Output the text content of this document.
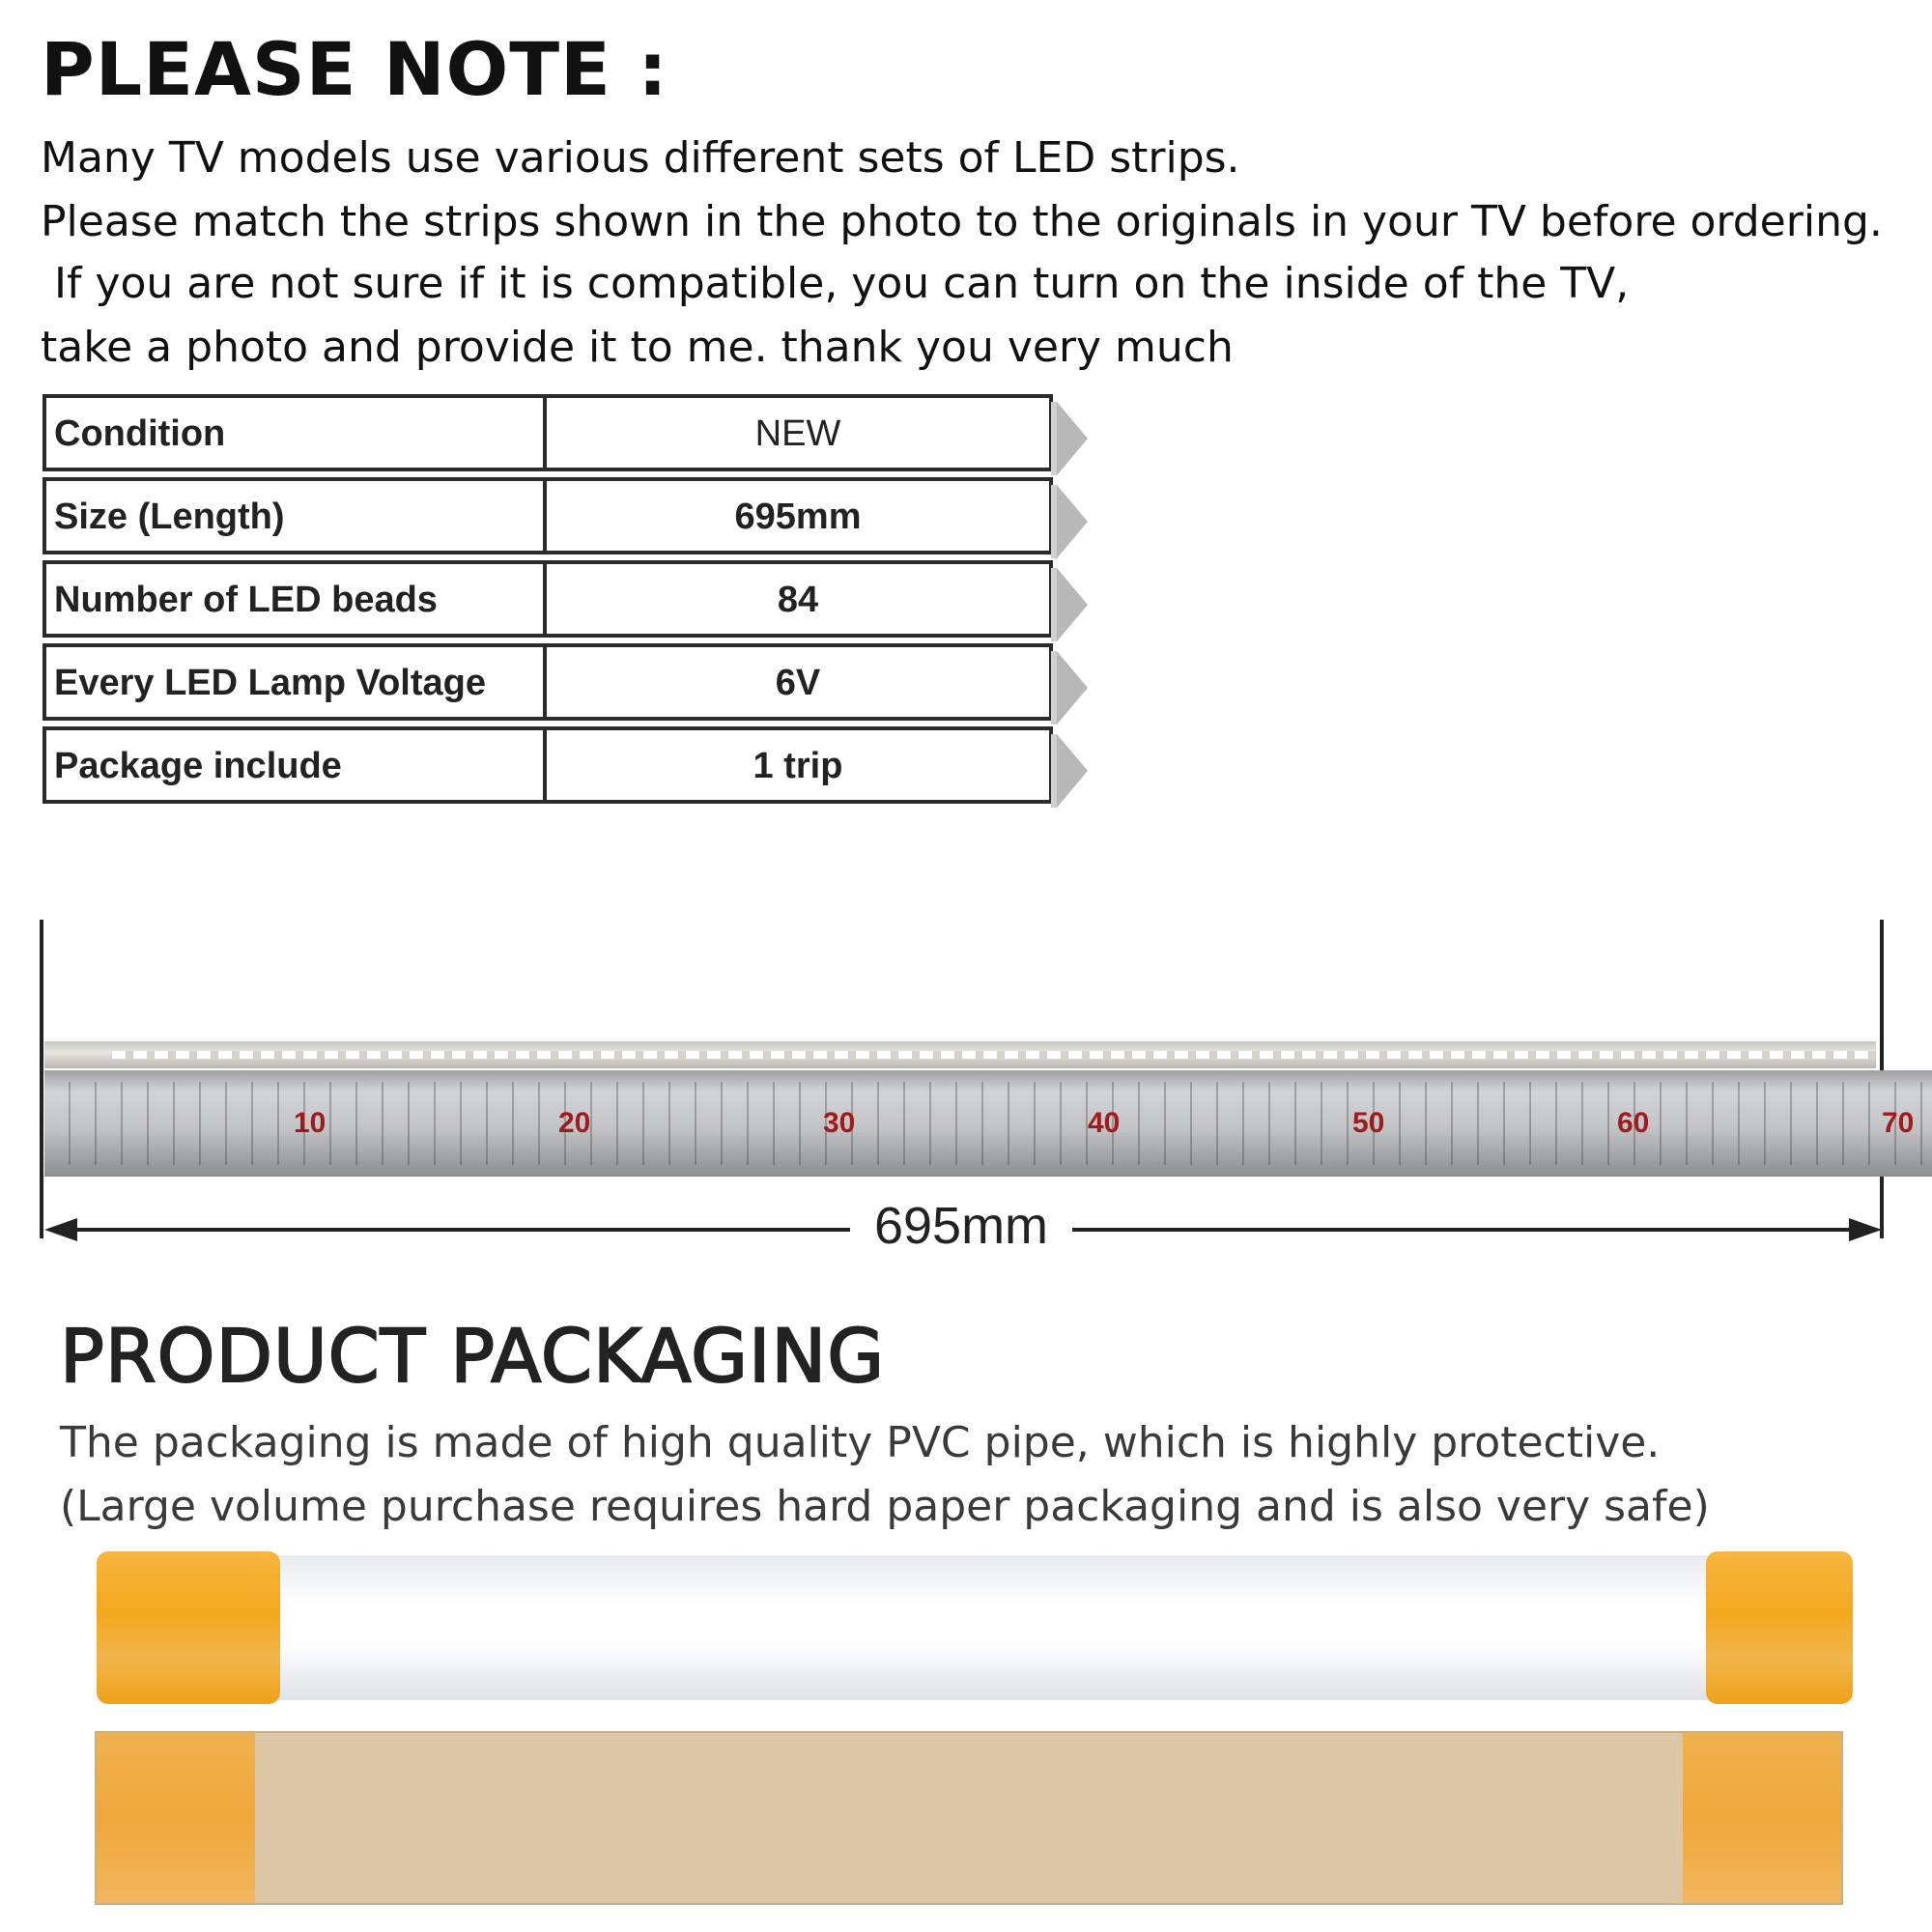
PLEASE NOTE :
Many TV models use various different sets of LED strips.
Please match the strips shown in the photo to the originals in your TV before ordering.
If you are not sure if it is compatible, you can turn on the inside of the TV,
take a photo and provide it to me. thank you very much
Condition	NEW
Size (Length)	695mm
Number of LED beads	84
Every LED Lamp Voltage	6V
Package include	1 trip
10	20	30	40	50	60	70
695mm
PRODUCT PACKAGING
The packaging is made of high quality PVC pipe, which is highly protective.
(Large volume purchase requires hard paper packaging and is also very safe)
